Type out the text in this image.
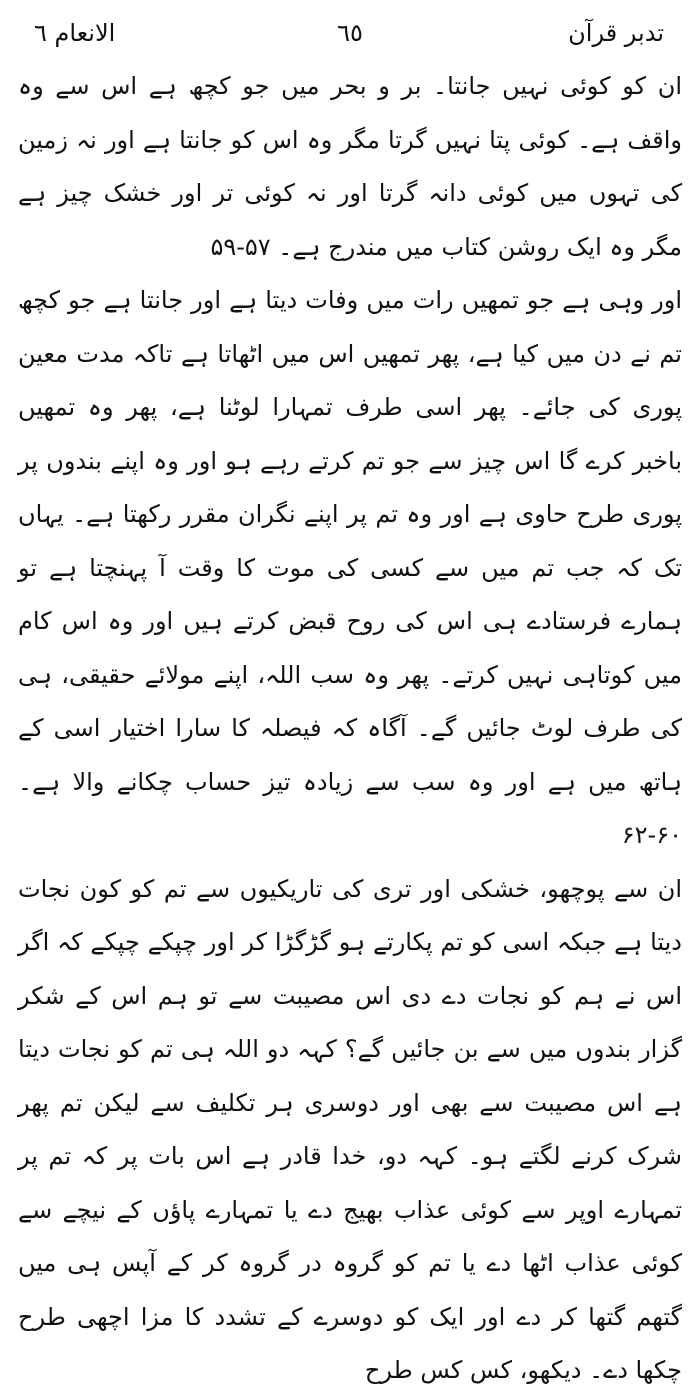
تدبر قرآن
٦٥
الانعام ٦

ان کو کوئی نہیں جانتا۔ بر و بحر میں جو کچھ ہے اس سے وہ واقف ہے۔ کوئی پتا نہیں گرتا مگر وہ اس کو جانتا ہے اور نہ زمین کی تہوں میں کوئی دانہ گرتا اور نہ کوئی تر اور خشک چیز ہے مگر وہ ایک روشن کتاب میں مندرج ہے۔ ۵۷-۵۹

اور وہی ہے جو تمھیں رات میں وفات دیتا ہے اور جانتا ہے جو کچھ تم نے دن میں کیا ہے، پھر تمھیں اس میں اٹھاتا ہے تاکہ مدت معین پوری کی جائے۔ پھر اسی طرف تمہارا لوٹنا ہے، پھر وہ تمھیں باخبر کرے گا اس چیز سے جو تم کرتے رہے ہو اور وہ اپنے بندوں پر پوری طرح حاوی ہے اور وہ تم پر اپنے نگران مقرر رکھتا ہے۔ یہاں تک کہ جب تم میں سے کسی کی موت کا وقت آ پہنچتا ہے تو ہمارے فرستادے ہی اس کی روح قبض کرتے ہیں اور وہ اس کام میں کوتاہی نہیں کرتے۔ پھر وہ سب اللہ، اپنے مولائے حقیقی، ہی کی طرف لوٹ جائیں گے۔ آگاہ کہ فیصلہ کا سارا اختیار اسی کے ہاتھ میں ہے اور وہ سب سے زیادہ تیز حساب چکانے والا ہے۔ ۶۰-۶۲

ان سے پوچھو، خشکی اور تری کی تاریکیوں سے تم کو کون نجات دیتا ہے جبکہ اسی کو تم پکارتے ہو گڑگڑا کر اور چپکے چپکے کہ اگر اس نے ہم کو نجات دے دی اس مصیبت سے تو ہم اس کے شکر گزار بندوں میں سے بن جائیں گے؟ کہہ دو اللہ ہی تم کو نجات دیتا ہے اس مصیبت سے بھی اور دوسری ہر تکلیف سے لیکن تم پھر شرک کرنے لگتے ہو۔ کہہ دو، خدا قادر ہے اس بات پر کہ تم پر تمہارے اوپر سے کوئی عذاب بھیج دے یا تمہارے پاؤں کے نیچے سے کوئی عذاب اٹھا دے یا تم کو گروہ در گروہ کر کے آپس ہی میں گتھم گتھا کر دے اور ایک کو دوسرے کے تشدد کا مزا اچھی طرح چکھا دے۔ دیکھو، کس کس طرح
